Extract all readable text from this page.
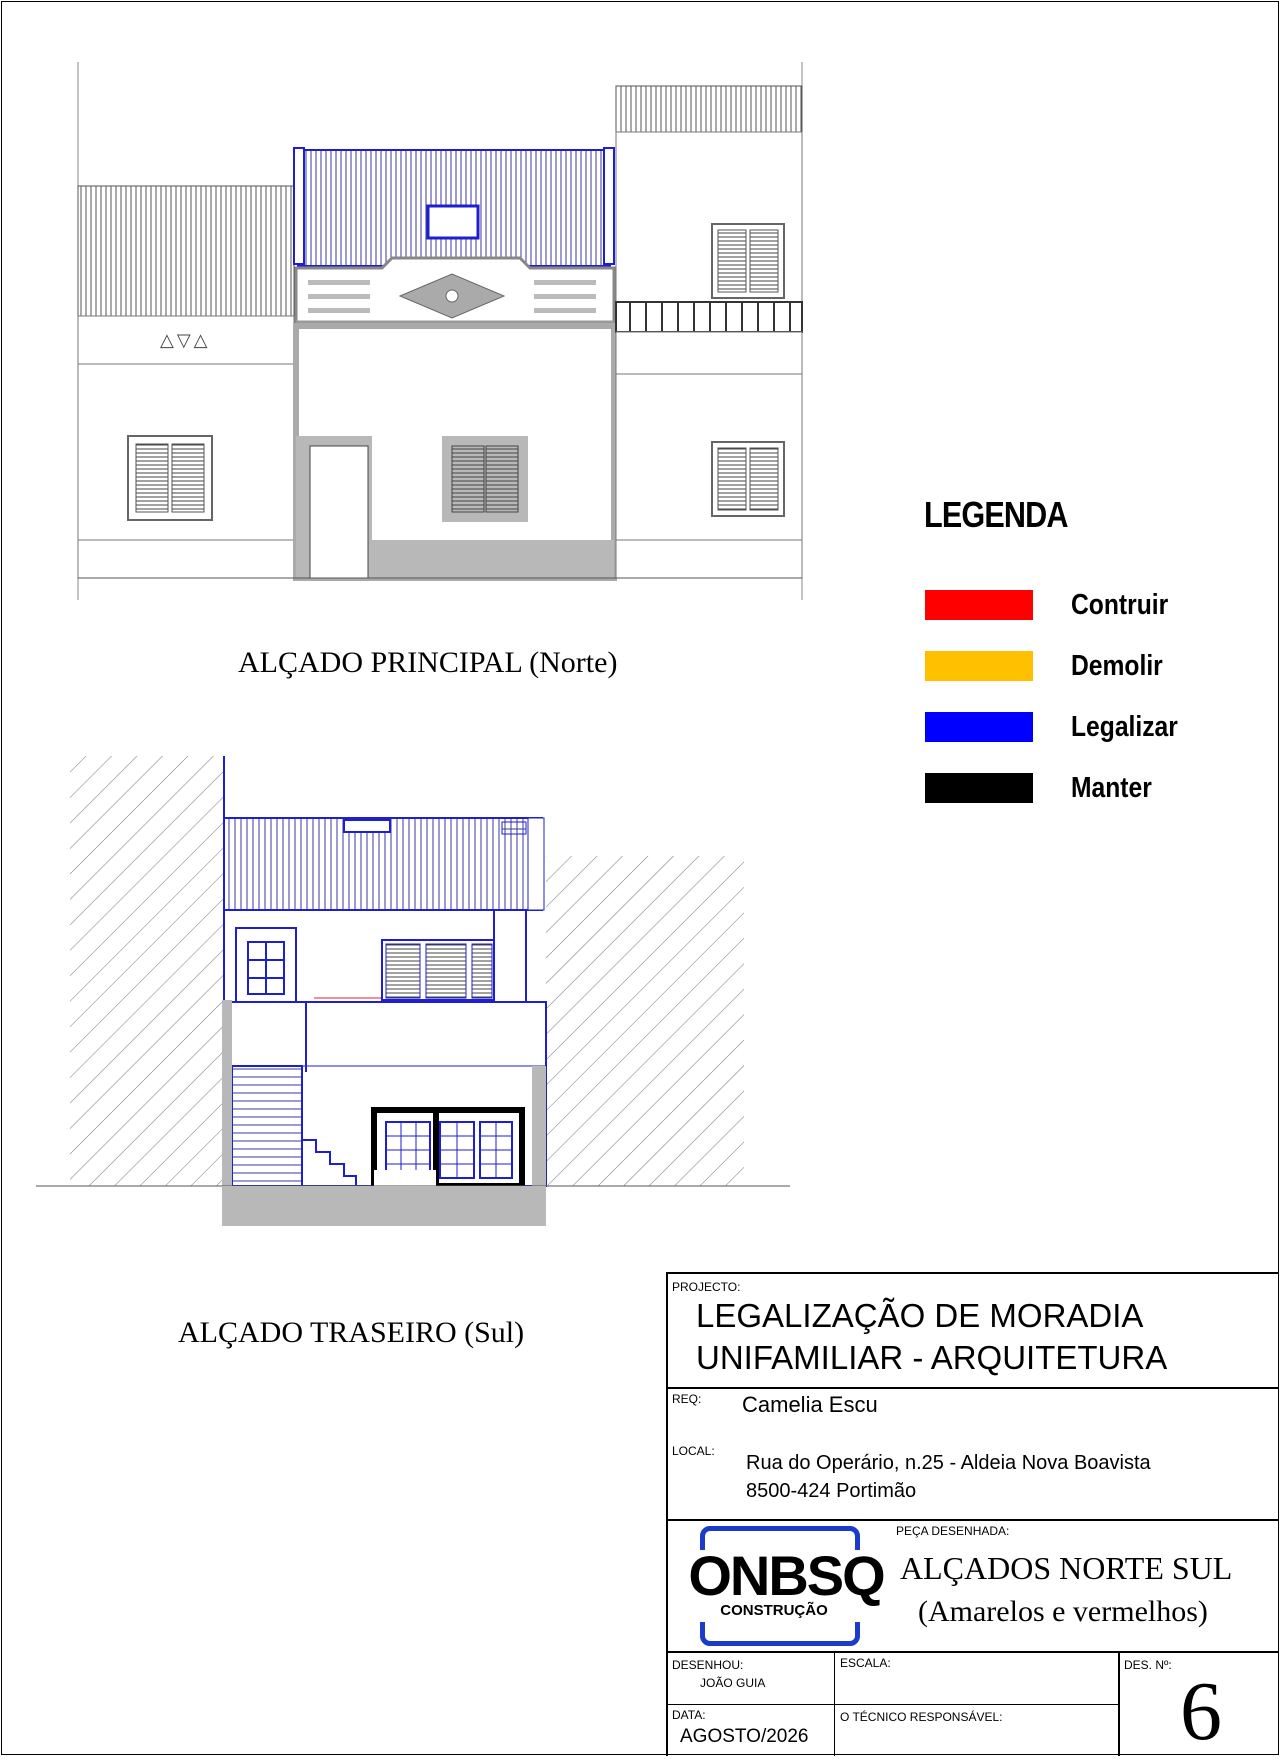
△▽△
ALÇADO PRINCIPAL (Norte)
ALÇADO TRASEIRO (Sul)
LEGENDA
Contruir
Demolir
Legalizar
Manter
PROJECTO:
LEGALIZAÇÃO DE MORADIA
UNIFAMILIAR - ARQUITETURA
REQ: Camelia Escu
LOCAL:
Rua do Operário, n.25 - Aldeia Nova Boavista
8500-424 Portimão
ONBSQ
CONSTRUÇÃO
PEÇA DESENHADA:
ALÇADOS NORTE SUL
(Amarelos e vermelhos)
DESENHOU:
JOÃO GUIA
ESCALA:	DES. Nº: 6
DATA:
AGOSTO/2026
O TÉCNICO RESPONSÁVEL:
